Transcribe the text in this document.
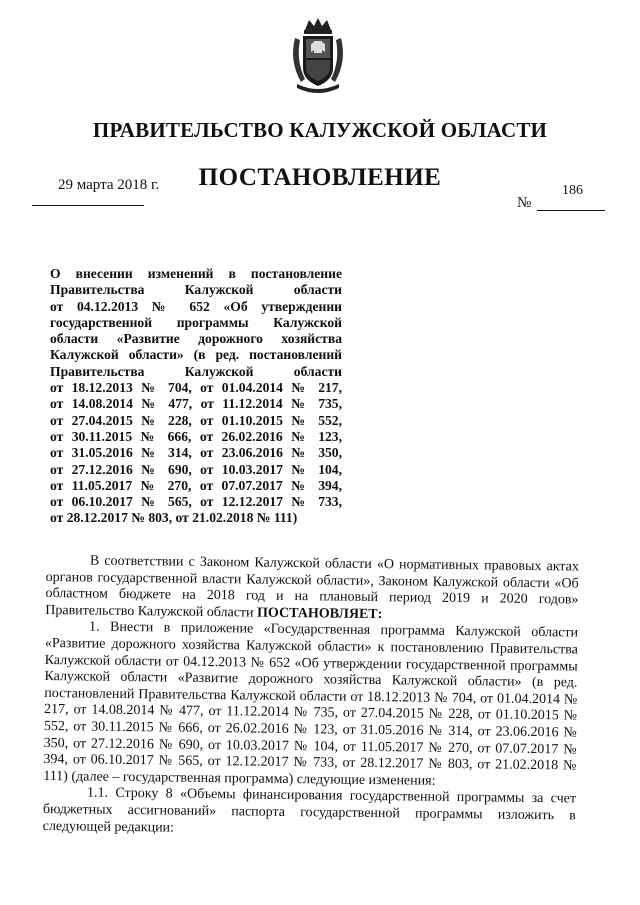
ПРАВИТЕЛЬСТВО КАЛУЖСКОЙ ОБЛАСТИ
ПОСТАНОВЛЕНИЕ
29 марта 2018 г.	186
№
О внесении изменений в постановление
Правительства Калужской области
от 04.12.2013 № 652 «Об утверждении
государственной программы Калужской
области «Развитие дорожного хозяйства
Калужской области» (в ред. постановлений
Правительства Калужской области
от 18.12.2013 № 704, от 01.04.2014 № 217,
от 14.08.2014 № 477, от 11.12.2014 № 735,
от 27.04.2015 № 228, от 01.10.2015 № 552,
от 30.11.2015 № 666, от 26.02.2016 № 123,
от 31.05.2016 № 314, от 23.06.2016 № 350,
от 27.12.2016 № 690, от 10.03.2017 № 104,
от 11.05.2017 № 270, от 07.07.2017 № 394,
от 06.10.2017 № 565, от 12.12.2017 № 733,
от 28.12.2017 № 803, от 21.02.2018 № 111)

В соответствии с Законом Калужской области «О нормативных правовых актах органов государственной власти Калужской области», Законом Калужской области «Об областном бюджете на 2018 год и на плановый период 2019 и 2020 годов» Правительство Калужской области ПОСТАНОВЛЯЕТ:

1. Внести в приложение «Государственная программа Калужской области «Развитие дорожного хозяйства Калужской области» к постановлению Правительства Калужской области от 04.12.2013 № 652 «Об утверждении государственной программы Калужской области «Развитие дорожного хозяйства Калужской области» (в ред. постановлений Правительства Калужской области от 18.12.2013 № 704, от 01.04.2014 № 217, от 14.08.2014 № 477, от 11.12.2014 № 735, от 27.04.2015 № 228, от 01.10.2015 № 552, от 30.11.2015 № 666, от 26.02.2016 № 123, от 31.05.2016 № 314, от 23.06.2016 № 350, от 27.12.2016 № 690, от 10.03.2017 № 104, от 11.05.2017 № 270, от 07.07.2017 № 394, от 06.10.2017 № 565, от 12.12.2017 № 733, от 28.12.2017 № 803, от 21.02.2018 № 111) (далее – государственная программа) следующие изменения:

1.1. Строку 8 «Объемы финансирования государственной программы за счет бюджетных ассигнований» паспорта государственной программы изложить в следующей редакции:
